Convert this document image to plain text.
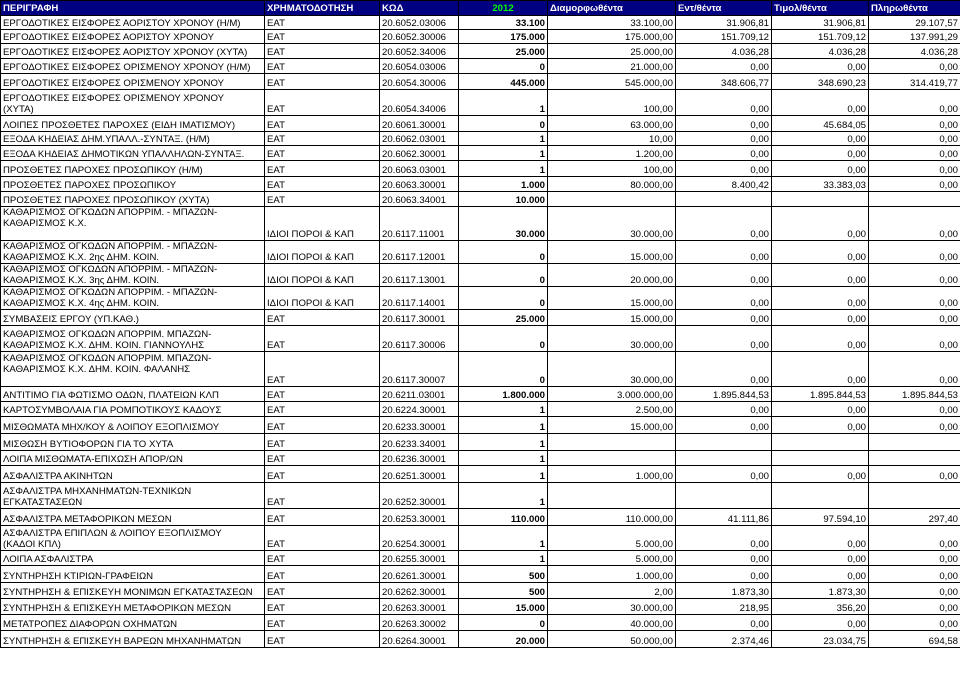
ΠΕΡΙΓΡΑΦΗ	ΧΡΗΜΑΤΟΔΟΤΗΣΗ	ΚΩΔ	2012	Διαμορφωθέντα	Εντ/θέντα	Τιμολ/θέντα	Πληρωθέντα

ΕΡΓΟΔΟΤΙΚΕΣ ΕΙΣΦΟΡΕΣ ΑΟΡΙΣΤΟΥ ΧΡΟΝΟΥ (Η/Μ)	ΕΑΤ	20.6052.03006	33.100	33.100,00	31.906,81	31.906,81	29.107,57

ΕΡΓΟΔΟΤΙΚΕΣ ΕΙΣΦΟΡΕΣ ΑΟΡΙΣΤΟΥ ΧΡΟΝΟΥ	ΕΑΤ	20.6052.30006	175.000	175.000,00	151.709,12	151.709,12	137.991,29

ΕΡΓΟΔΟΤΙΚΕΣ ΕΙΣΦΟΡΕΣ ΑΟΡΙΣΤΟΥ ΧΡΟΝΟΥ (ΧΥΤΑ)	ΕΑΤ	20.6052.34006	25.000	25.000,00	4.036,28	4.036,28	4.036,28

ΕΡΓΟΔΟΤΙΚΕΣ ΕΙΣΦΟΡΕΣ ΟΡΙΣΜΕΝΟΥ ΧΡΟΝΟΥ (Η/Μ)	ΕΑΤ	20.6054.03006	0	21.000,00	0,00	0,00	0,00

ΕΡΓΟΔΟΤΙΚΕΣ ΕΙΣΦΟΡΕΣ ΟΡΙΣΜΕΝΟΥ ΧΡΟΝΟΥ	ΕΑΤ	20.6054.30006	445.000	545.000,00	348.606,77	348.690,23	314.419,77

ΕΡΓΟΔΟΤΙΚΕΣ ΕΙΣΦΟΡΕΣ ΟΡΙΣΜΕΝΟΥ ΧΡΟΝΟΥ
(ΧΥΤΑ)	ΕΑΤ	20.6054.34006	1	100,00	0,00	0,00	0,00

ΛΟΙΠΕΣ ΠΡΟΣΘΕΤΕΣ ΠΑΡΟΧΕΣ (ΕΙΔΗ ΙΜΑΤΙΣΜΟΥ)	ΕΑΤ	20.6061.30001	0	63.000,00	0,00	45.684,05	0,00

ΕΞΟΔΑ ΚΗΔΕΙΑΣ ΔΗΜ.ΥΠΑΛΛ.-ΣΥΝΤΑΞ. (Η/Μ)	ΕΑΤ	20.6062.03001	1	10,00	0,00	0,00	0,00

ΕΞΟΔΑ ΚΗΔΕΙΑΣ ΔΗΜΟΤΙΚΩΝ ΥΠΑΛΛΗΛΩΝ-ΣΥΝΤΑΞ.	ΕΑΤ	20.6062.30001	1	1.200,00	0,00	0,00	0,00

ΠΡΟΣΘΕΤΕΣ ΠΑΡΟΧΕΣ ΠΡΟΣΩΠΙΚΟΥ (Η/Μ)	ΕΑΤ	20.6063.03001	1	100,00	0,00	0,00	0,00

ΠΡΟΣΘΕΤΕΣ ΠΑΡΟΧΕΣ ΠΡΟΣΩΠΙΚΟΥ	ΕΑΤ	20.6063.30001	1.000	80.000,00	8.400,42	33.383,03	0,00

ΠΡΟΣΘΕΤΕΣ ΠΑΡΟΧΕΣ ΠΡΟΣΩΠΙΚΟΥ (ΧΥΤΑ)	ΕΑΤ	20.6063.34001	10.000				

ΚΑΘΑΡΙΣΜΟΣ ΟΓΚΩΔΩΝ ΑΠΟΡΡΙΜ. - ΜΠΑΖΩΝ-
ΚΑΘΑΡΙΣΜΟΣ Κ.Χ.	ΙΔΙΟΙ ΠΟΡΟΙ & ΚΑΠ	20.6117.11001	30.000	30.000,00	0,00	0,00	0,00

ΚΑΘΑΡΙΣΜΟΣ ΟΓΚΩΔΩΝ ΑΠΟΡΡΙΜ. - ΜΠΑΖΩΝ-
ΚΑΘΑΡΙΣΜΟΣ Κ.Χ. 2ης ΔΗΜ. ΚΟΙΝ.	ΙΔΙΟΙ ΠΟΡΟΙ & ΚΑΠ	20.6117.12001	0	15.000,00	0,00	0,00	0,00

ΚΑΘΑΡΙΣΜΟΣ ΟΓΚΩΔΩΝ ΑΠΟΡΡΙΜ. - ΜΠΑΖΩΝ-
ΚΑΘΑΡΙΣΜΟΣ Κ.Χ. 3ης ΔΗΜ. ΚΟΙΝ.	ΙΔΙΟΙ ΠΟΡΟΙ & ΚΑΠ	20.6117.13001	0	20.000,00	0,00	0,00	0,00

ΚΑΘΑΡΙΣΜΟΣ ΟΓΚΩΔΩΝ ΑΠΟΡΡΙΜ. - ΜΠΑΖΩΝ-
ΚΑΘΑΡΙΣΜΟΣ Κ.Χ. 4ης ΔΗΜ. ΚΟΙΝ.	ΙΔΙΟΙ ΠΟΡΟΙ & ΚΑΠ	20.6117.14001	0	15.000,00	0,00	0,00	0,00

ΣΥΜΒΑΣΕΙΣ ΕΡΓΟΥ (ΥΠ.ΚΑΘ.)	ΕΑΤ	20.6117.30001	25.000	15.000,00	0,00	0,00	0,00

ΚΑΘΑΡΙΣΜΟΣ ΟΓΚΩΔΩΝ ΑΠΟΡΡΙΜ. ΜΠΑΖΩΝ-
ΚΑΘΑΡΙΣΜΟΣ Κ.Χ. ΔΗΜ. ΚΟΙΝ. ΓΙΑΝΝΟΥΛΗΣ	ΕΑΤ	20.6117.30006	0	30.000,00	0,00	0,00	0,00

ΚΑΘΑΡΙΣΜΟΣ ΟΓΚΩΔΩΝ ΑΠΟΡΡΙΜ. ΜΠΑΖΩΝ-
ΚΑΘΑΡΙΣΜΟΣ Κ.Χ. ΔΗΜ. ΚΟΙΝ. ΦΑΛΑΝΗΣ	ΕΑΤ	20.6117.30007	0	30.000,00	0,00	0,00	0,00

ΑΝΤΙΤΙΜΟ ΓΙΑ ΦΩΤΙΣΜΟ ΟΔΩΝ, ΠΛΑΤΕΙΩΝ ΚΛΠ	ΕΑΤ	20.6211.03001	1.800.000	3.000.000,00	1.895.844,53	1.895.844,53	1.895.844,53

ΚΑΡΤΟΣΥΜΒΟΛΑΙΑ ΓΙΑ ΡΟΜΠΟΤΙΚΟΥΣ ΚΑΔΟΥΣ	ΕΑΤ	20.6224.30001	1	2.500,00	0,00	0,00	0,00

ΜΙΣΘΩΜΑΤΑ ΜΗΧ/ΚΟΥ & ΛΟΙΠΟΥ ΕΞΟΠΛΙΣΜΟΥ	ΕΑΤ	20.6233.30001	1	15.000,00	0,00	0,00	0,00

ΜΙΣΘΩΣΗ ΒΥΤΙΟΦΟΡΩΝ ΓΙΑ ΤΟ ΧΥΤΑ	ΕΑΤ	20.6233.34001	1				

ΛΟΙΠΑ ΜΙΣΘΩΜΑΤΑ-ΕΠΙΧΩΣΗ ΑΠΟΡ/ΩΝ	ΕΑΤ	20.6236.30001	1				

ΑΣΦΑΛΙΣΤΡΑ ΑΚΙΝΗΤΩΝ	ΕΑΤ	20.6251.30001	1	1.000,00	0,00	0,00	0,00

ΑΣΦΑΛΙΣΤΡΑ ΜΗΧΑΝΗΜΑΤΩΝ-ΤΕΧΝΙΚΩΝ
ΕΓΚΑΤΑΣΤΑΣΕΩΝ	ΕΑΤ	20.6252.30001	1				

ΑΣΦΑΛΙΣΤΡΑ ΜΕΤΑΦΟΡΙΚΩΝ ΜΕΣΩΝ	ΕΑΤ	20.6253.30001	110.000	110.000,00	41.111,86	97.594,10	297,40

ΑΣΦΑΛΙΣΤΡΑ ΕΠΙΠΛΩΝ & ΛΟΙΠΟΥ ΕΞΟΠΛΙΣΜΟΥ
(ΚΑΔΟΙ ΚΠΛ)	ΕΑΤ	20.6254.30001	1	5.000,00	0,00	0,00	0,00

ΛΟΙΠΑ ΑΣΦΑΛΙΣΤΡΑ	ΕΑΤ	20.6255.30001	1	5.000,00	0,00	0,00	0,00

ΣΥΝΤΗΡΗΣΗ ΚΤΙΡΙΩΝ-ΓΡΑΦΕΙΩΝ	ΕΑΤ	20.6261.30001	500	1.000,00	0,00	0,00	0,00

ΣΥΝΤΗΡΗΣΗ & ΕΠΙΣΚΕΥΗ ΜΟΝΙΜΩΝ ΕΓΚΑΤΑΣΤΑΣΕΩΝ	ΕΑΤ	20.6262.30001	500	2,00	1.873,30	1.873,30	0,00

ΣΥΝΤΗΡΗΣΗ & ΕΠΙΣΚΕΥΗ ΜΕΤΑΦΟΡΙΚΩΝ ΜΕΣΩΝ	ΕΑΤ	20.6263.30001	15.000	30.000,00	218,95	356,20	0,00

ΜΕΤΑΤΡΟΠΕΣ ΔΙΑΦΟΡΩΝ ΟΧΗΜΑΤΩΝ	ΕΑΤ	20.6263.30002	0	40.000,00	0,00	0,00	0,00

ΣΥΝΤΗΡΗΣΗ & ΕΠΙΣΚΕΥΗ ΒΑΡΕΩΝ ΜΗΧΑΝΗΜΑΤΩΝ	ΕΑΤ	20.6264.30001	20.000	50.000,00	2.374,46	23.034,75	694,58
